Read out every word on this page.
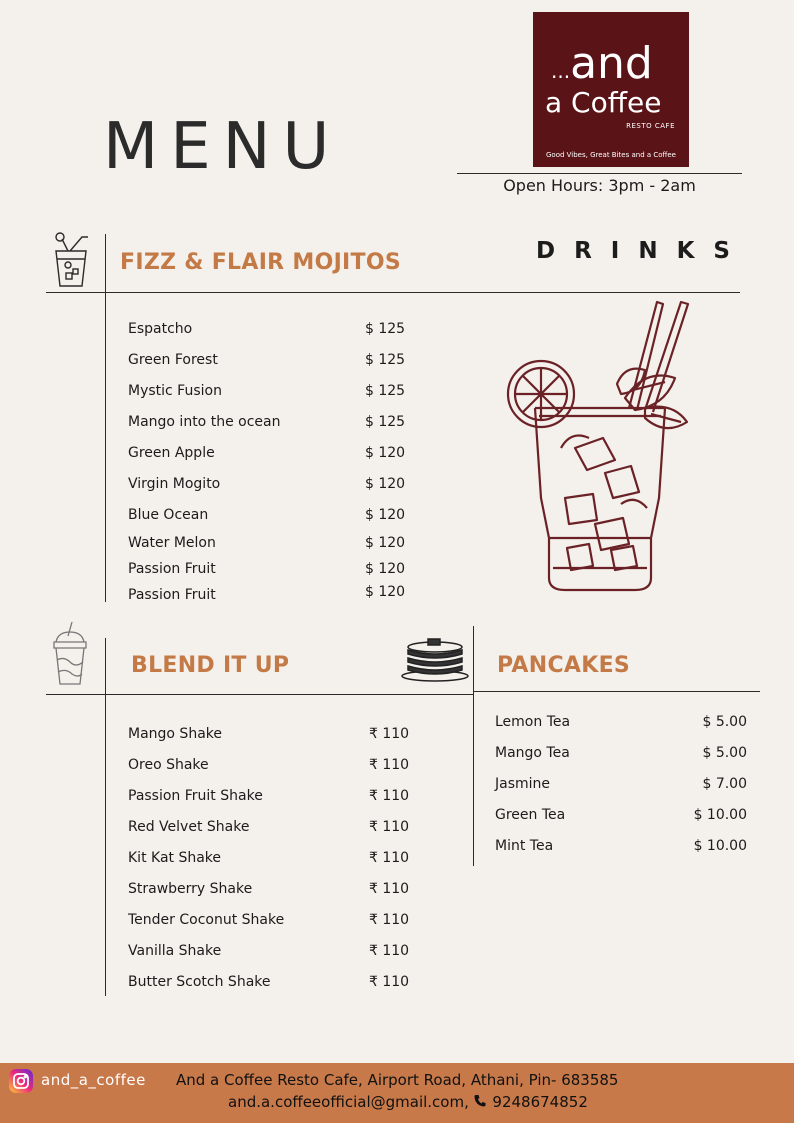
MENU
...and
a Coffee
RESTO CAFE
Good Vibes, Great Bites and a Coffee
Open Hours: 3pm - 2am
FIZZ & FLAIR MOJITOS	DRINKS
Espatcho	$ 125
Green Forest	$ 125
Mystic Fusion	$ 125
Mango into the ocean	$ 125
Green Apple	$ 120
Virgin Mogito	$ 120
Blue Ocean	$ 120
Water Melon	$ 120
Passion Fruit	$ 120
Passion Fruit	$ 120
BLEND IT UP	PANCAKES
Mango Shake	₹ 110
Oreo Shake	₹ 110
Passion Fruit Shake	₹ 110
Red Velvet Shake	₹ 110
Kit Kat Shake	₹ 110
Strawberry Shake	₹ 110
Tender Coconut Shake	₹ 110
Vanilla Shake	₹ 110
Butter Scotch Shake	₹ 110
Lemon Tea	$ 5.00
Mango Tea	$ 5.00
Jasmine	$ 7.00
Green Tea	$ 10.00
Mint Tea	$ 10.00
and_a_coffee And a Coffee Resto Cafe, Airport Road, Athani, Pin- 683585
and.a.coffeeofficial@gmail.com, 9248674852
